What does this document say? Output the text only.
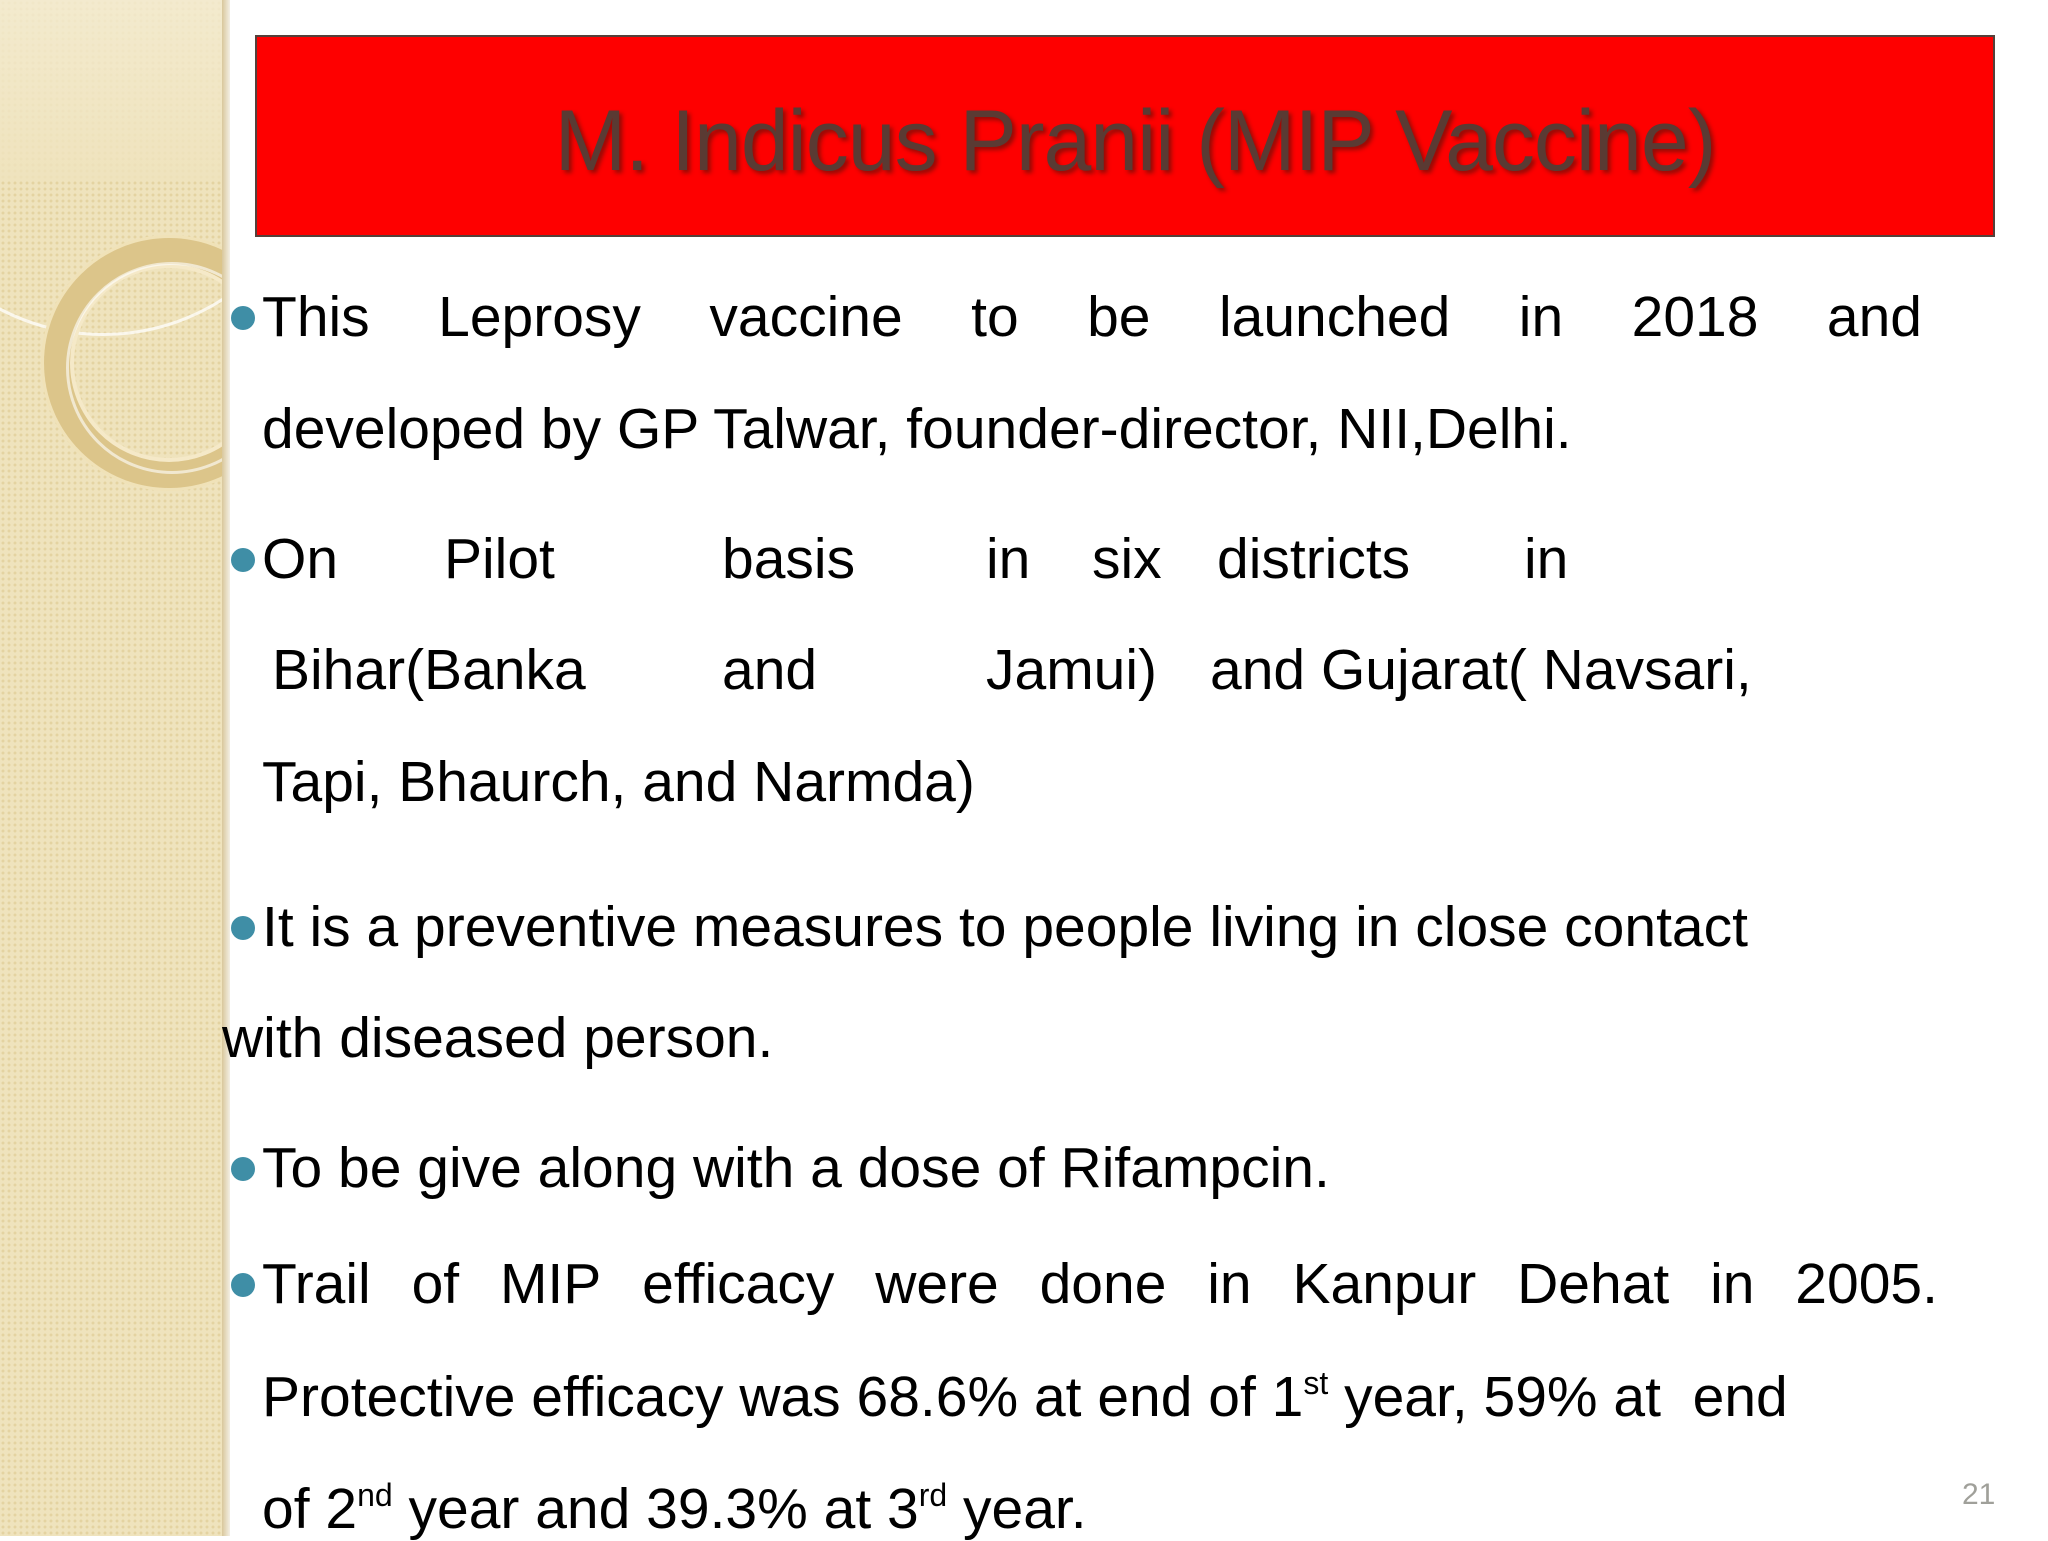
M. Indicus Pranii (MIP Vaccine)
This Leprosy vaccine to be launched in 2018 and
developed by GP Talwar, founder-director, NII,Delhi.
On Pilot	basis in six districts in
Bihar(Banka and	Jamui) and Gujarat( Navsari,
Tapi, Bhaurch, and Narmda)
It is a preventive measures to people living in close contact
with diseased person.
To be give along with a dose of Rifampcin.
Trail of MIP efficacy were done in Kanpur Dehat in 2005.
Protective efficacy was 68.6% at end of 1st year, 59% at  end
of 2nd year and 39.3% at 3rd year.	21
